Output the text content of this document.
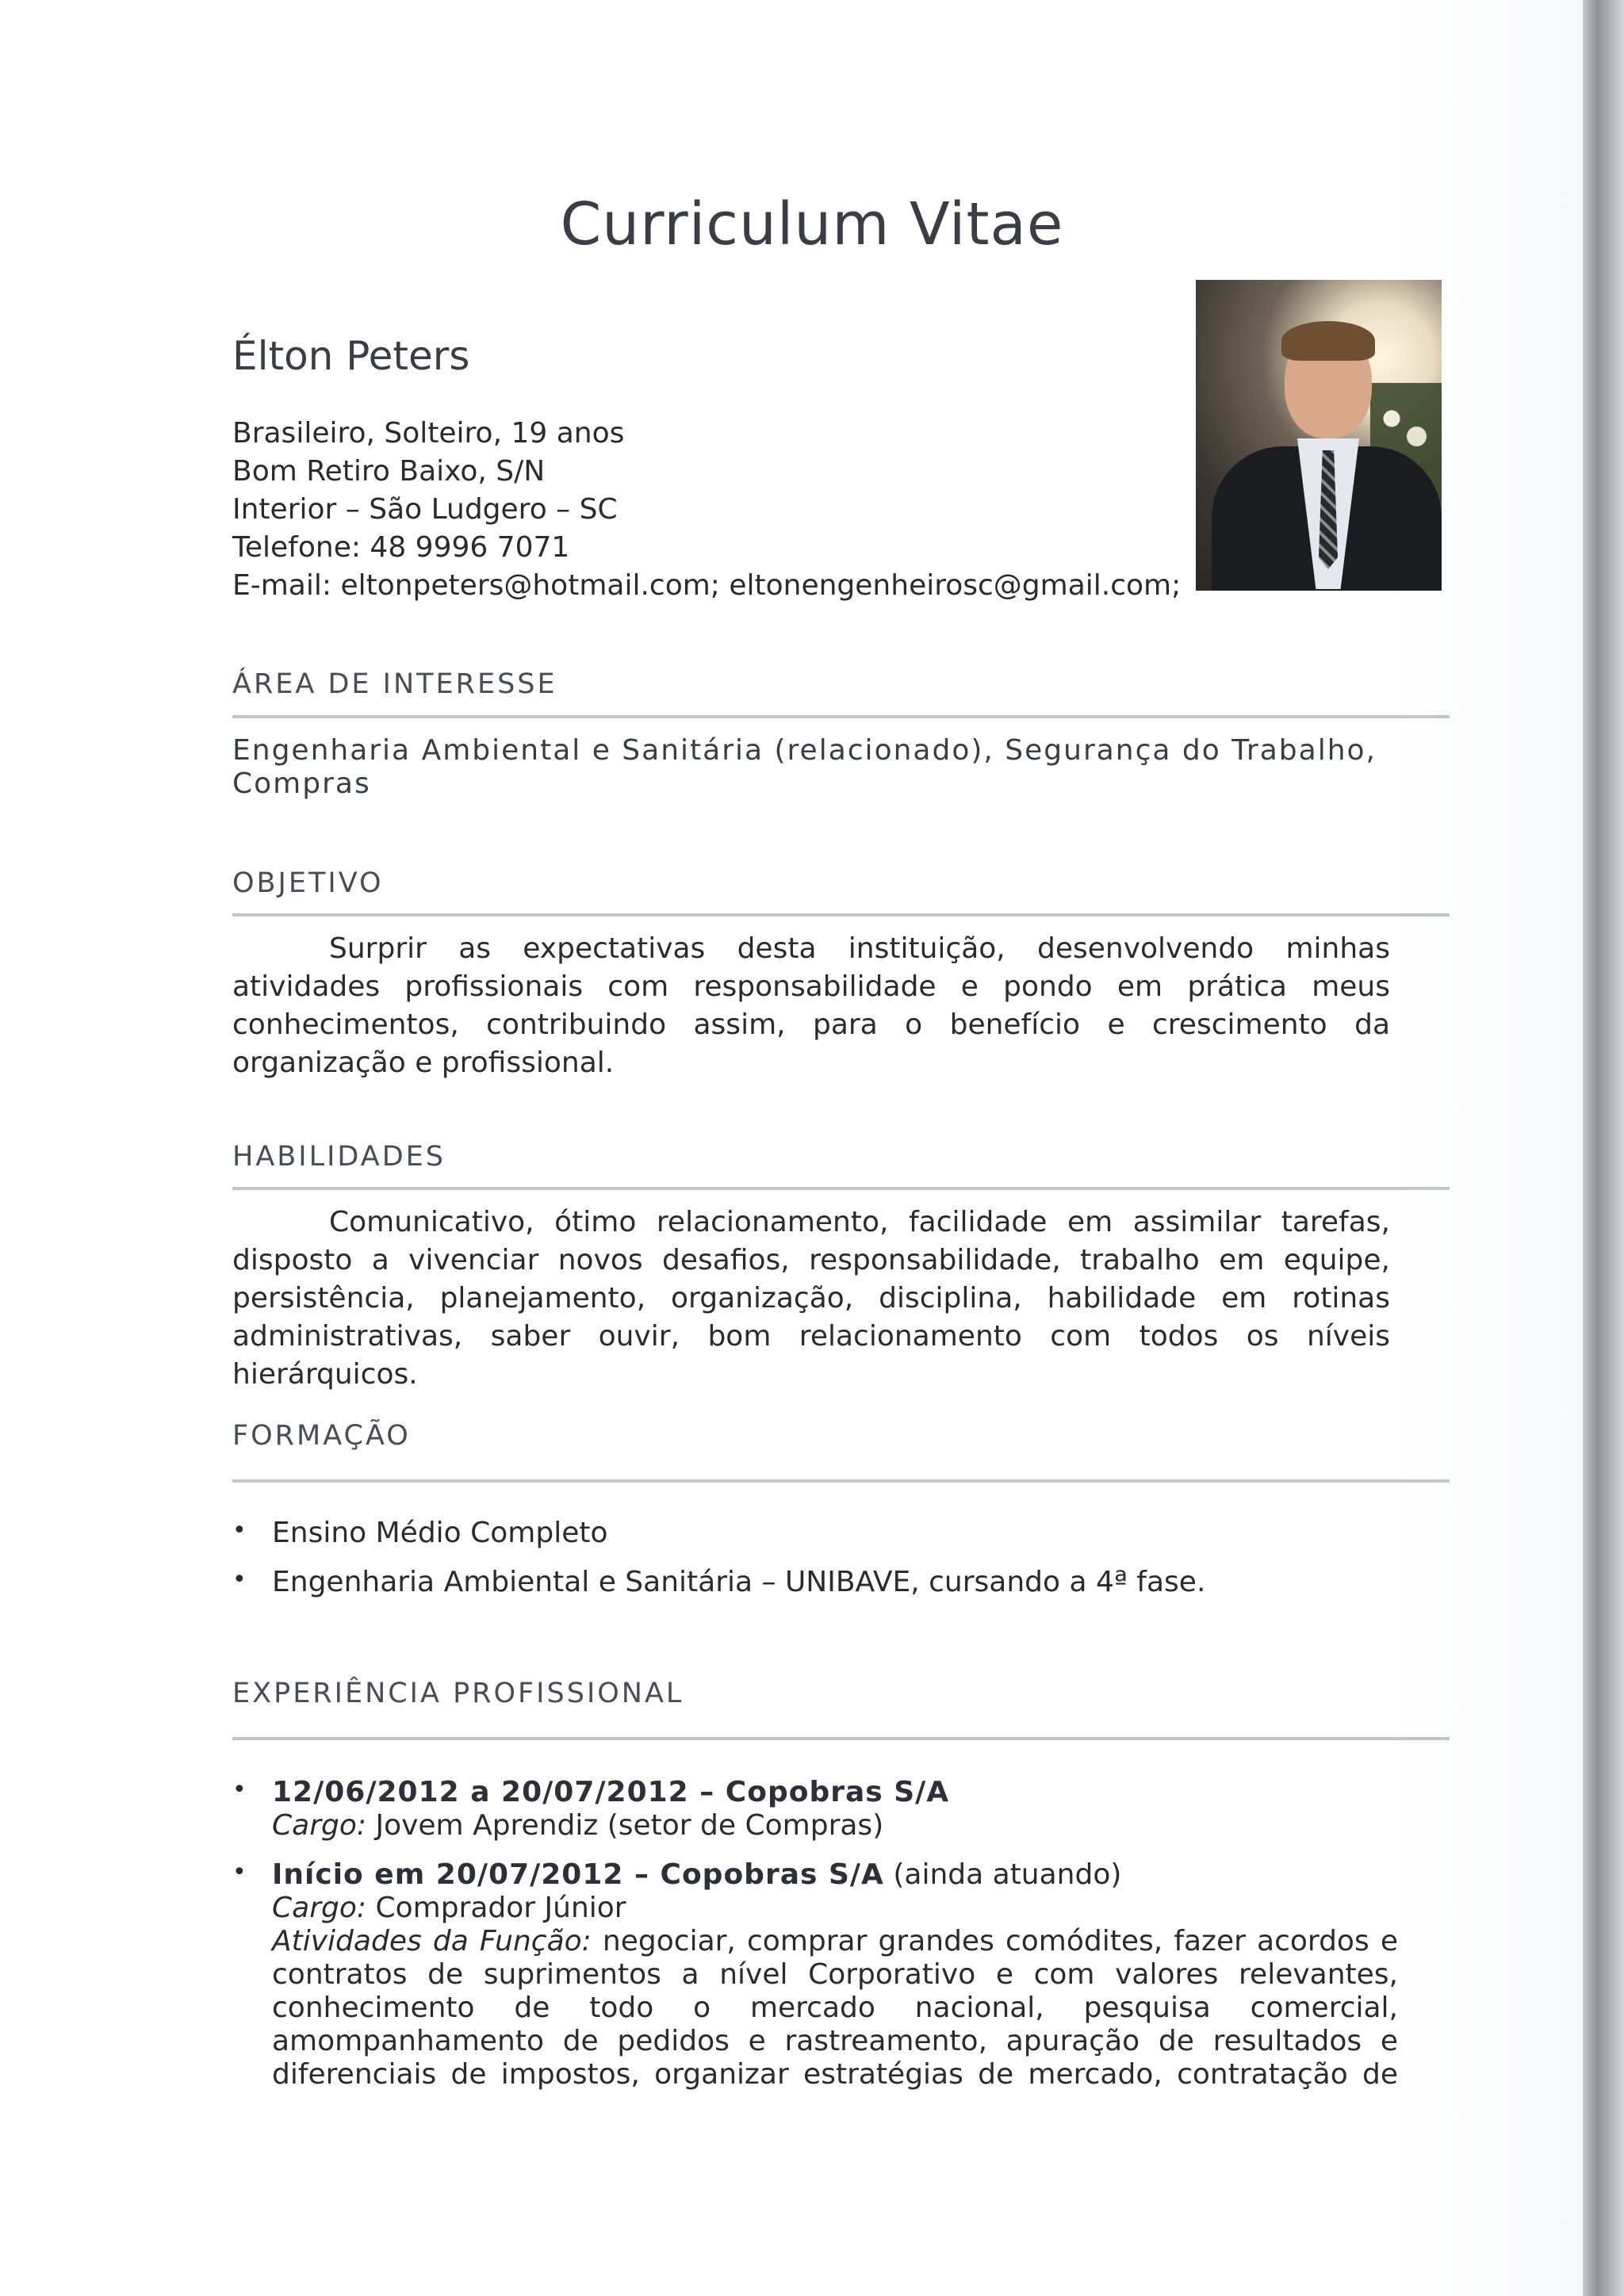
Curriculum Vitae
Élton Peters
Brasileiro, Solteiro, 19 anos
Bom Retiro Baixo, S/N
Interior – São Ludgero – SC
Telefone: 48 9996 7071
E-mail: eltonpeters@hotmail.com; eltonengenheirosc@gmail.com;
ÁREA DE INTERESSE
Engenharia Ambiental e Sanitária (relacionado), Segurança do Trabalho, Compras
OBJETIVO
Surprir as expectativas desta instituição, desenvolvendo minhas atividades profissionais com responsabilidade e pondo em prática meus conhecimentos, contribuindo assim, para o benefício e crescimento da organização e profissional.
HABILIDADES
Comunicativo, ótimo relacionamento, facilidade em assimilar tarefas, disposto a vivenciar novos desafios, responsabilidade, trabalho em equipe, persistência, planejamento, organização, disciplina, habilidade em rotinas administrativas, saber ouvir, bom relacionamento com todos os níveis hierárquicos.
FORMAÇÃO
• Ensino Médio Completo
• Engenharia Ambiental e Sanitária – UNIBAVE, cursando a 4ª fase.
EXPERIÊNCIA PROFISSIONAL
• 12/06/2012 a 20/07/2012 – Copobras S/A
Cargo: Jovem Aprendiz (setor de Compras)
• Início em 20/07/2012 – Copobras S/A (ainda atuando)
Cargo: Comprador Júnior
Atividades da Função: negociar, comprar grandes comódites, fazer acordos e
contratos de suprimentos a nível Corporativo e com valores relevantes,
conhecimento de todo o mercado nacional, pesquisa comercial,
amompanhamento de pedidos e rastreamento, apuração de resultados e
diferenciais de impostos, organizar estratégias de mercado, contratação de
